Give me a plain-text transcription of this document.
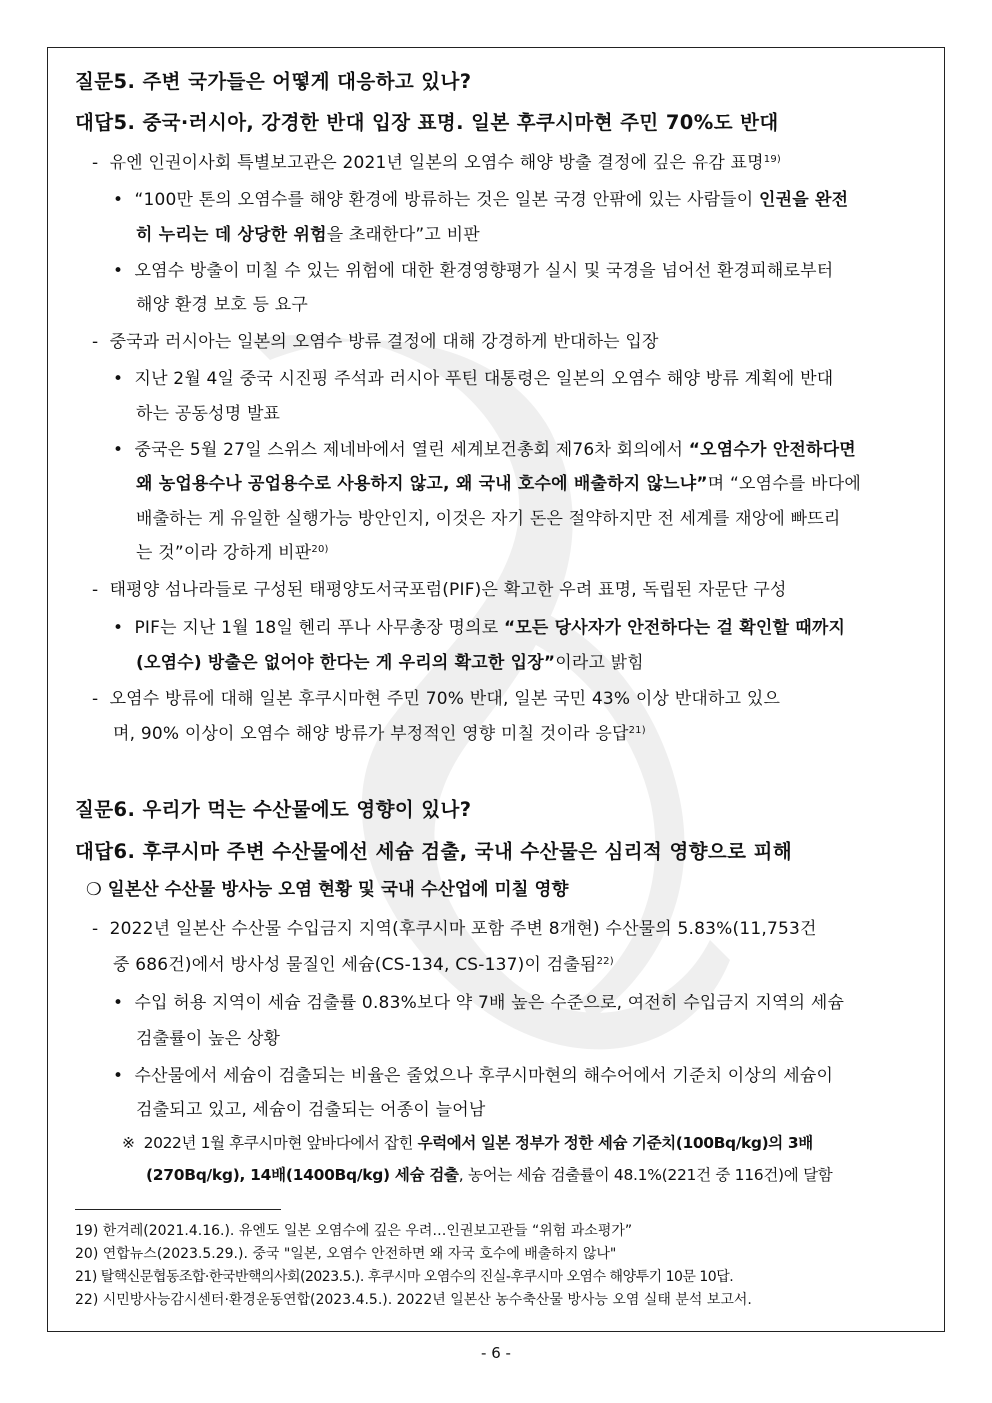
질문5. 주변 국가들은 어떻게 대응하고 있나?
대답5. 중국·러시아, 강경한 반대 입장 표명. 일본 후쿠시마현 주민 70%도 반대
- 유엔 인권이사회 특별보고관은 2021년 일본의 오염수 해양 방출 결정에 깊은 유감 표명$^{19)}$
• “100만 톤의 오염수를 해양 환경에 방류하는 것은 일본 국경 안팎에 있는 사람들이 인권을 완전
히 누리는 데 상당한 위험을 초래한다”고 비판
• 오염수 방출이 미칠 수 있는 위험에 대한 환경영향평가 실시 및 국경을 넘어선 환경피해로부터
해양 환경 보호 등 요구
- 중국과 러시아는 일본의 오염수 방류 결정에 대해 강경하게 반대하는 입장
• 지난 2월 4일 중국 시진핑 주석과 러시아 푸틴 대통령은 일본의 오염수 해양 방류 계획에 반대
하는 공동성명 발표
• 중국은 5월 27일 스위스 제네바에서 열린 세계보건총회 제76차 회의에서 “오염수가 안전하다면
왜 농업용수나 공업용수로 사용하지 않고, 왜 국내 호수에 배출하지 않느냐”며 “오염수를 바다에
배출하는 게 유일한 실행가능 방안인지, 이것은 자기 돈은 절약하지만 전 세계를 재앙에 빠뜨리
는 것”이라 강하게 비판$^{20)}$
- 태평양 섬나라들로 구성된 태평양도서국포럼(PIF)은 확고한 우려 표명, 독립된 자문단 구성
• PIF는 지난 1월 18일 헨리 푸나 사무총장 명의로 “모든 당사자가 안전하다는 걸 확인할 때까지
(오염수) 방출은 없어야 한다는 게 우리의 확고한 입장”이라고 밝힘
- 오염수 방류에 대해 일본 후쿠시마현 주민 70% 반대, 일본 국민 43% 이상 반대하고 있으
며, 90% 이상이 오염수 해양 방류가 부정적인 영향 미칠 것이라 응답$^{21)}$
질문6. 우리가 먹는 수산물에도 영향이 있나?
대답6. 후쿠시마 주변 수산물에선 세슘 검출, 국내 수산물은 심리적 영향으로 피해
❍ 일본산 수산물 방사능 오염 현황 및 국내 수산업에 미칠 영향
- 2022년 일본산 수산물 수입금지 지역(후쿠시마 포함 주변 8개현) 수산물의 5.83%(11,753건
중 686건)에서 방사성 물질인 세슘(CS-134, CS-137)이 검출됨$^{22)}$
• 수입 허용 지역이 세슘 검출률 0.83%보다 약 7배 높은 수준으로, 여전히 수입금지 지역의 세슘
검출률이 높은 상황
• 수산물에서 세슘이 검출되는 비율은 줄었으나 후쿠시마현의 해수어에서 기준치 이상의 세슘이
검출되고 있고, 세슘이 검출되는 어종이 늘어남
※ 2022년 1월 후쿠시마현 앞바다에서 잡힌 우럭에서 일본 정부가 정한 세슘 기준치(100Bq/kg)의 3배
(270Bq/kg), 14배(1400Bq/kg) 세슘 검출, 농어는 세슘 검출률이 48.1%(221건 중 116건)에 달함
19) 한겨레(2021.4.16.). 유엔도 일본 오염수에 깊은 우려…인권보고관들 “위험 과소평가”
20) 연합뉴스(2023.5.29.). 중국 "일본, 오염수 안전하면 왜 자국 호수에 배출하지 않나"
21) 탈핵신문협동조합·한국반핵의사회(2023.5.). 후쿠시마 오염수의 진실-후쿠시마 오염수 해양투기 10문 10답.
22) 시민방사능감시센터·환경운동연합(2023.4.5.). 2022년 일본산 농수축산물 방사능 오염 실태 분석 보고서.
- 6 -
